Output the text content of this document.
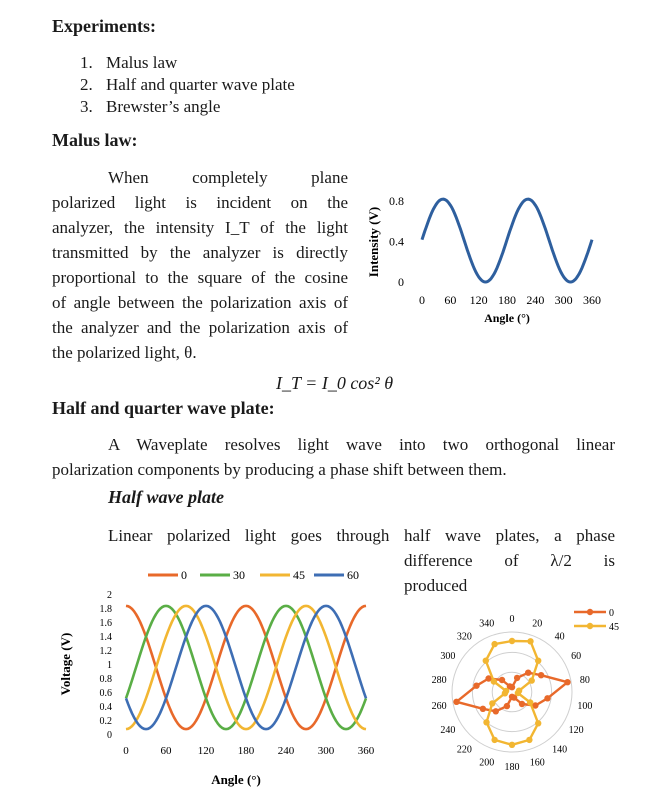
Experiments:
1. Malus law
2. Half and quarter wave plate
3. Brewster’s angle
Malus law:
When completely plane
polarized light is incident on the
analyzer, the intensity I_T of the light
transmitted by the analyzer is directly
proportional to the square of the cosine
of angle between the polarization axis of
the analyzer and the polarization axis of
the polarized light, θ.
0
0.4
0.8
0 60 120 180 240 300 360
Angle (°)
Intensity (V)
I_T = I_0 cos² θ
Half and quarter wave plate:
A Waveplate resolves light wave into two orthogonal linear
polarization components by producing a phase shift between them.
Half wave plate
Linear polarized light goes through half wave plates, a phase
difference of λ/2 is
produced
0	30	45	60
0
0.2
0.4
0.6
0.8
1
1.2
1.4
1.6
1.8
2
0	60 120 180 240 300 360
Angle (°)
Voltage (V)
0 20
40
60
80
100
120
140
160
180
200
220
240
260
280
300
320
340
0
45
